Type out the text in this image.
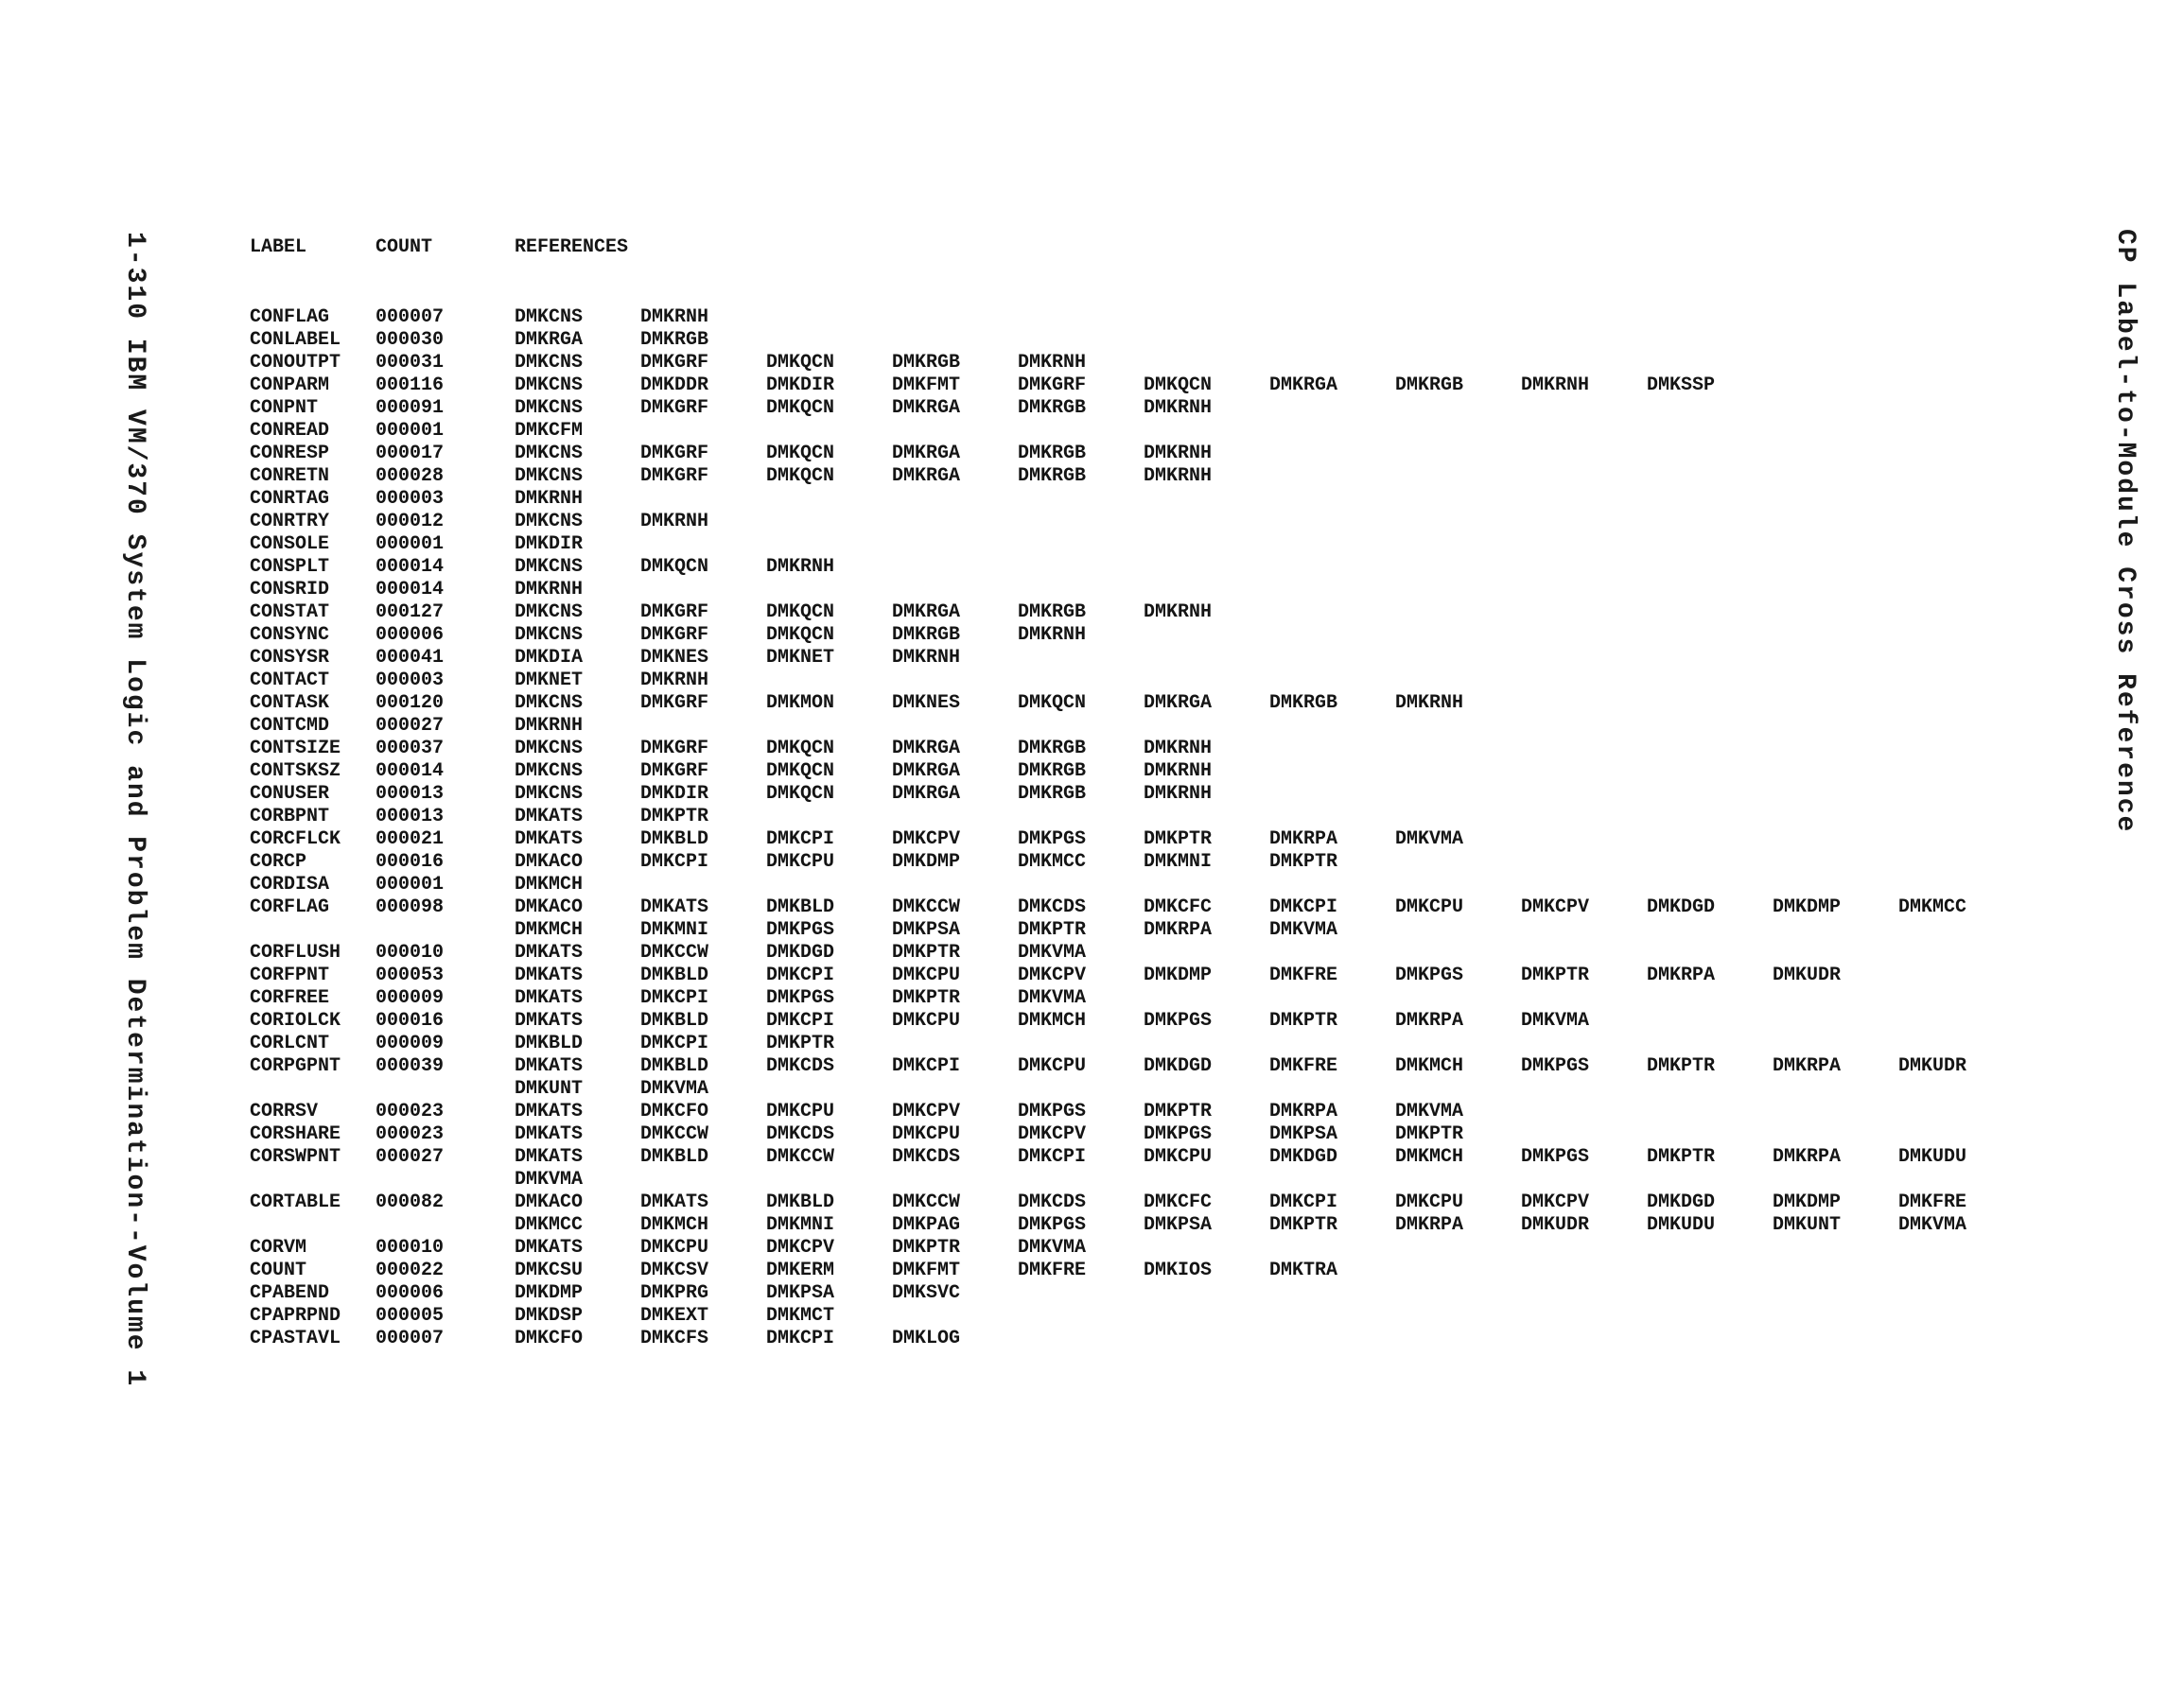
1-310 IBM VM/370 System Logic and Problem Determination--Volume 1	CP Label-to-Module Cross Reference
LABEL	COUNT	REFERENCES											

CONFLAG	000007	DMKCNS	DMKRNH										
CONLABEL	000030	DMKRGA	DMKRGB										
CONOUTPT	000031	DMKCNS	DMKGRF	DMKQCN	DMKRGB	DMKRNH							
CONPARM	000116	DMKCNS	DMKDDR	DMKDIR	DMKFMT	DMKGRF	DMKQCN	DMKRGA	DMKRGB	DMKRNH	DMKSSP		
CONPNT	000091	DMKCNS	DMKGRF	DMKQCN	DMKRGA	DMKRGB	DMKRNH						
CONREAD	000001	DMKCFM											
CONRESP	000017	DMKCNS	DMKGRF	DMKQCN	DMKRGA	DMKRGB	DMKRNH						
CONRETN	000028	DMKCNS	DMKGRF	DMKQCN	DMKRGA	DMKRGB	DMKRNH						
CONRTAG	000003	DMKRNH											
CONRTRY	000012	DMKCNS	DMKRNH										
CONSOLE	000001	DMKDIR											
CONSPLT	000014	DMKCNS	DMKQCN	DMKRNH									
CONSRID	000014	DMKRNH											
CONSTAT	000127	DMKCNS	DMKGRF	DMKQCN	DMKRGA	DMKRGB	DMKRNH						
CONSYNC	000006	DMKCNS	DMKGRF	DMKQCN	DMKRGB	DMKRNH							
CONSYSR	000041	DMKDIA	DMKNES	DMKNET	DMKRNH								
CONTACT	000003	DMKNET	DMKRNH										
CONTASK	000120	DMKCNS	DMKGRF	DMKMON	DMKNES	DMKQCN	DMKRGA	DMKRGB	DMKRNH				
CONTCMD	000027	DMKRNH											
CONTSIZE	000037	DMKCNS	DMKGRF	DMKQCN	DMKRGA	DMKRGB	DMKRNH						
CONTSKSZ	000014	DMKCNS	DMKGRF	DMKQCN	DMKRGA	DMKRGB	DMKRNH						
CONUSER	000013	DMKCNS	DMKDIR	DMKQCN	DMKRGA	DMKRGB	DMKRNH						
CORBPNT	000013	DMKATS	DMKPTR										
CORCFLCK	000021	DMKATS	DMKBLD	DMKCPI	DMKCPV	DMKPGS	DMKPTR	DMKRPA	DMKVMA				
CORCP	000016	DMKACO	DMKCPI	DMKCPU	DMKDMP	DMKMCC	DMKMNI	DMKPTR					
CORDISA	000001	DMKMCH											
CORFLAG	000098	DMKACO	DMKATS	DMKBLD	DMKCCW	DMKCDS	DMKCFC	DMKCPI	DMKCPU	DMKCPV	DMKDGD	DMKDMP	DMKMCC
		DMKMCH	DMKMNI	DMKPGS	DMKPSA	DMKPTR	DMKRPA	DMKVMA					
CORFLUSH	000010	DMKATS	DMKCCW	DMKDGD	DMKPTR	DMKVMA							
CORFPNT	000053	DMKATS	DMKBLD	DMKCPI	DMKCPU	DMKCPV	DMKDMP	DMKFRE	DMKPGS	DMKPTR	DMKRPA	DMKUDR	
CORFREE	000009	DMKATS	DMKCPI	DMKPGS	DMKPTR	DMKVMA							
CORIOLCK	000016	DMKATS	DMKBLD	DMKCPI	DMKCPU	DMKMCH	DMKPGS	DMKPTR	DMKRPA	DMKVMA			
CORLCNT	000009	DMKBLD	DMKCPI	DMKPTR									
CORPGPNT	000039	DMKATS	DMKBLD	DMKCDS	DMKCPI	DMKCPU	DMKDGD	DMKFRE	DMKMCH	DMKPGS	DMKPTR	DMKRPA	DMKUDR
		DMKUNT	DMKVMA										
CORRSV	000023	DMKATS	DMKCFO	DMKCPU	DMKCPV	DMKPGS	DMKPTR	DMKRPA	DMKVMA				
CORSHARE	000023	DMKATS	DMKCCW	DMKCDS	DMKCPU	DMKCPV	DMKPGS	DMKPSA	DMKPTR				
CORSWPNT	000027	DMKATS	DMKBLD	DMKCCW	DMKCDS	DMKCPI	DMKCPU	DMKDGD	DMKMCH	DMKPGS	DMKPTR	DMKRPA	DMKUDU
		DMKVMA											
CORTABLE	000082	DMKACO	DMKATS	DMKBLD	DMKCCW	DMKCDS	DMKCFC	DMKCPI	DMKCPU	DMKCPV	DMKDGD	DMKDMP	DMKFRE
		DMKMCC	DMKMCH	DMKMNI	DMKPAG	DMKPGS	DMKPSA	DMKPTR	DMKRPA	DMKUDR	DMKUDU	DMKUNT	DMKVMA
CORVM	000010	DMKATS	DMKCPU	DMKCPV	DMKPTR	DMKVMA							
COUNT	000022	DMKCSU	DMKCSV	DMKERM	DMKFMT	DMKFRE	DMKIOS	DMKTRA					
CPABEND	000006	DMKDMP	DMKPRG	DMKPSA	DMKSVC								
CPAPRPND	000005	DMKDSP	DMKEXT	DMKMCT									
CPASTAVL	000007	DMKCFO	DMKCFS	DMKCPI	DMKLOG								
